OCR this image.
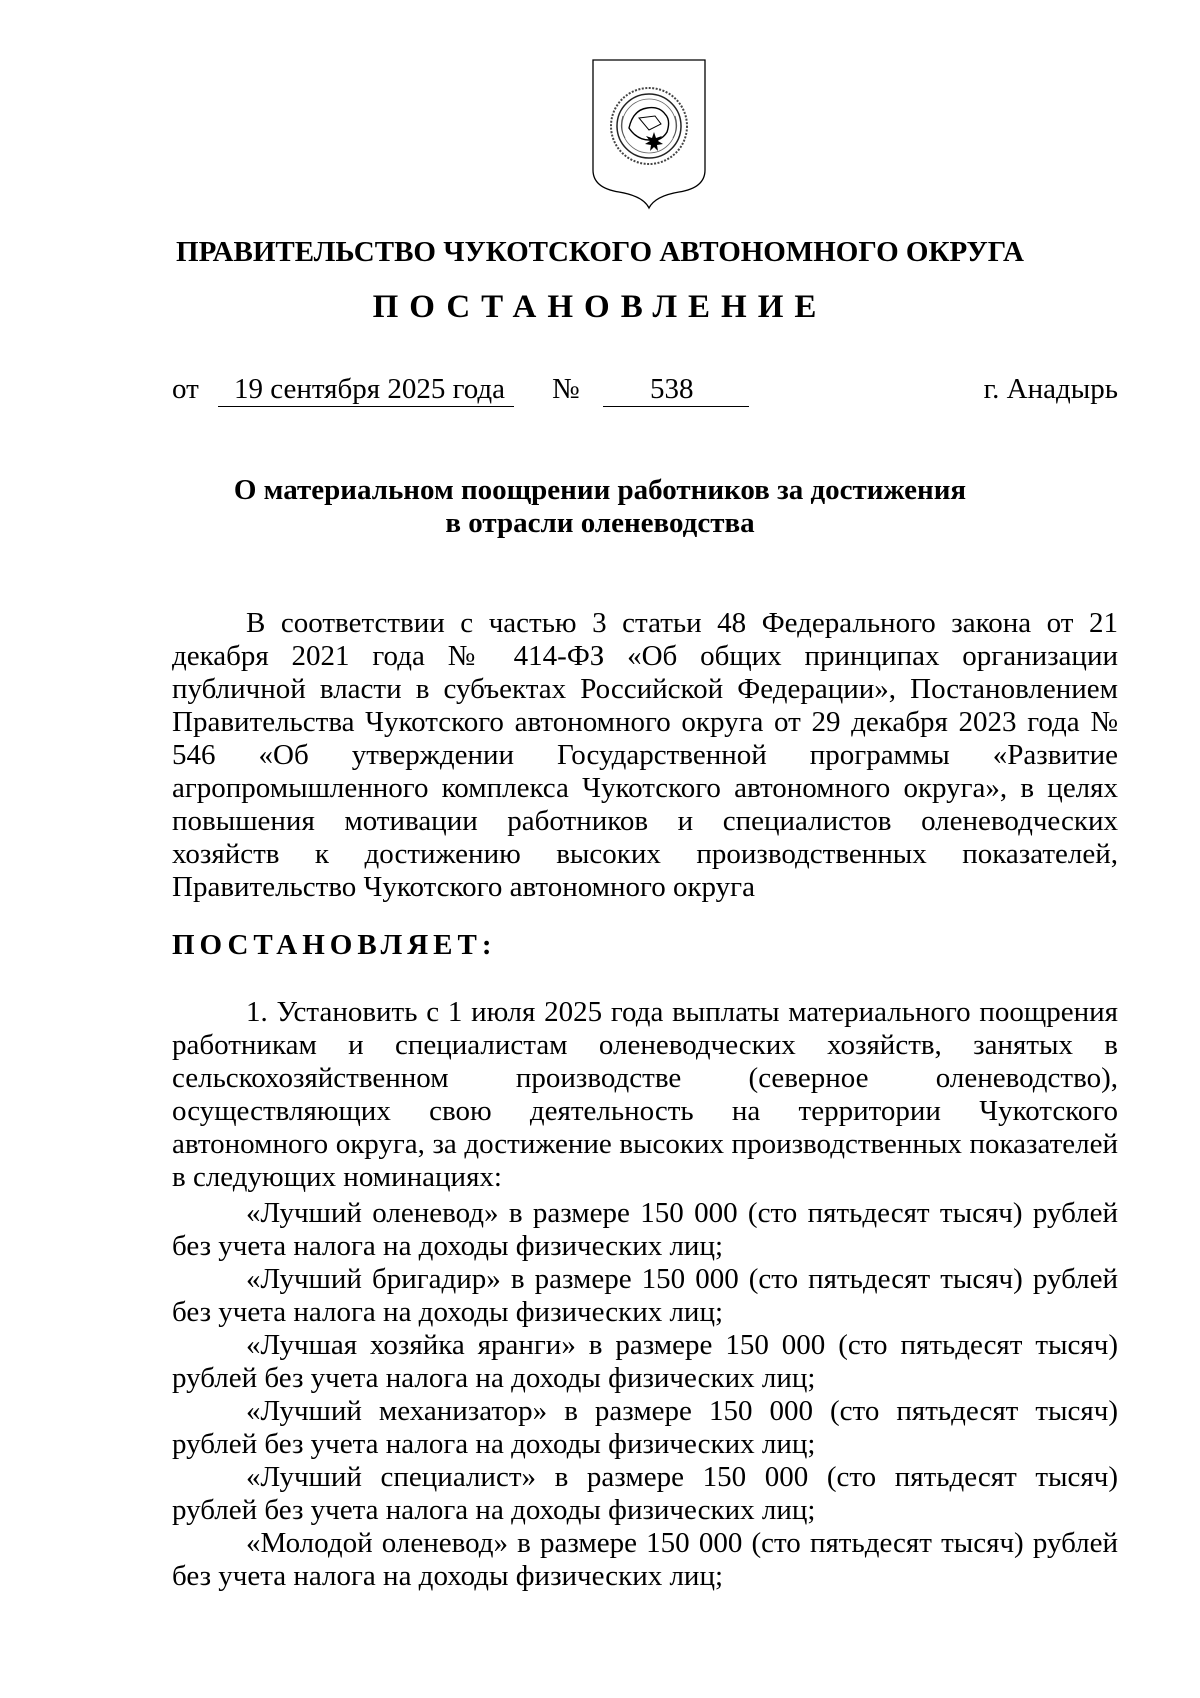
ПРАВИТЕЛЬСТВО ЧУКОТСКОГО АВТОНОМНОГО ОКРУГА
ПОСТАНОВЛЕНИЕ
от 19 сентября 2025 года № 538	г. Анадырь
О материальном поощрении работников за достижения
в отрасли оленеводства
В соответствии с частью 3 статьи 48 Федерального закона от 21 декабря 2021 года № 414-ФЗ «Об общих принципах организации публичной власти в субъектах Российской Федерации», Постановлением Правительства Чукотского автономного округа от 29 декабря 2023 года № 546 «Об утверждении Государственной программы «Развитие агропромышленного комплекса Чукотского автономного округа», в целях повышения мотивации работников и специалистов оленеводческих хозяйств к достижению высоких производственных показателей, Правительство Чукотского автономного округа
ПОСТАНОВЛЯЕТ:
1. Установить с 1 июля 2025 года выплаты материального поощрения работникам и специалистам оленеводческих хозяйств, занятых в сельскохозяйственном производстве (северное оленеводство), осуществляющих свою деятельность на территории Чукотского автономного округа, за достижение высоких производственных показателей в следующих номинациях:
«Лучший оленевод» в размере 150 000 (сто пятьдесят тысяч) рублей без учета налога на доходы физических лиц;
«Лучший бригадир» в размере 150 000 (сто пятьдесят тысяч) рублей без учета налога на доходы физических лиц;
«Лучшая хозяйка яранги» в размере 150 000 (сто пятьдесят тысяч) рублей без учета налога на доходы физических лиц;
«Лучший механизатор» в размере 150 000 (сто пятьдесят тысяч) рублей без учета налога на доходы физических лиц;
«Лучший специалист» в размере 150 000 (сто пятьдесят тысяч) рублей без учета налога на доходы физических лиц;
«Молодой оленевод» в размере 150 000 (сто пятьдесят тысяч) рублей без учета налога на доходы физических лиц;
